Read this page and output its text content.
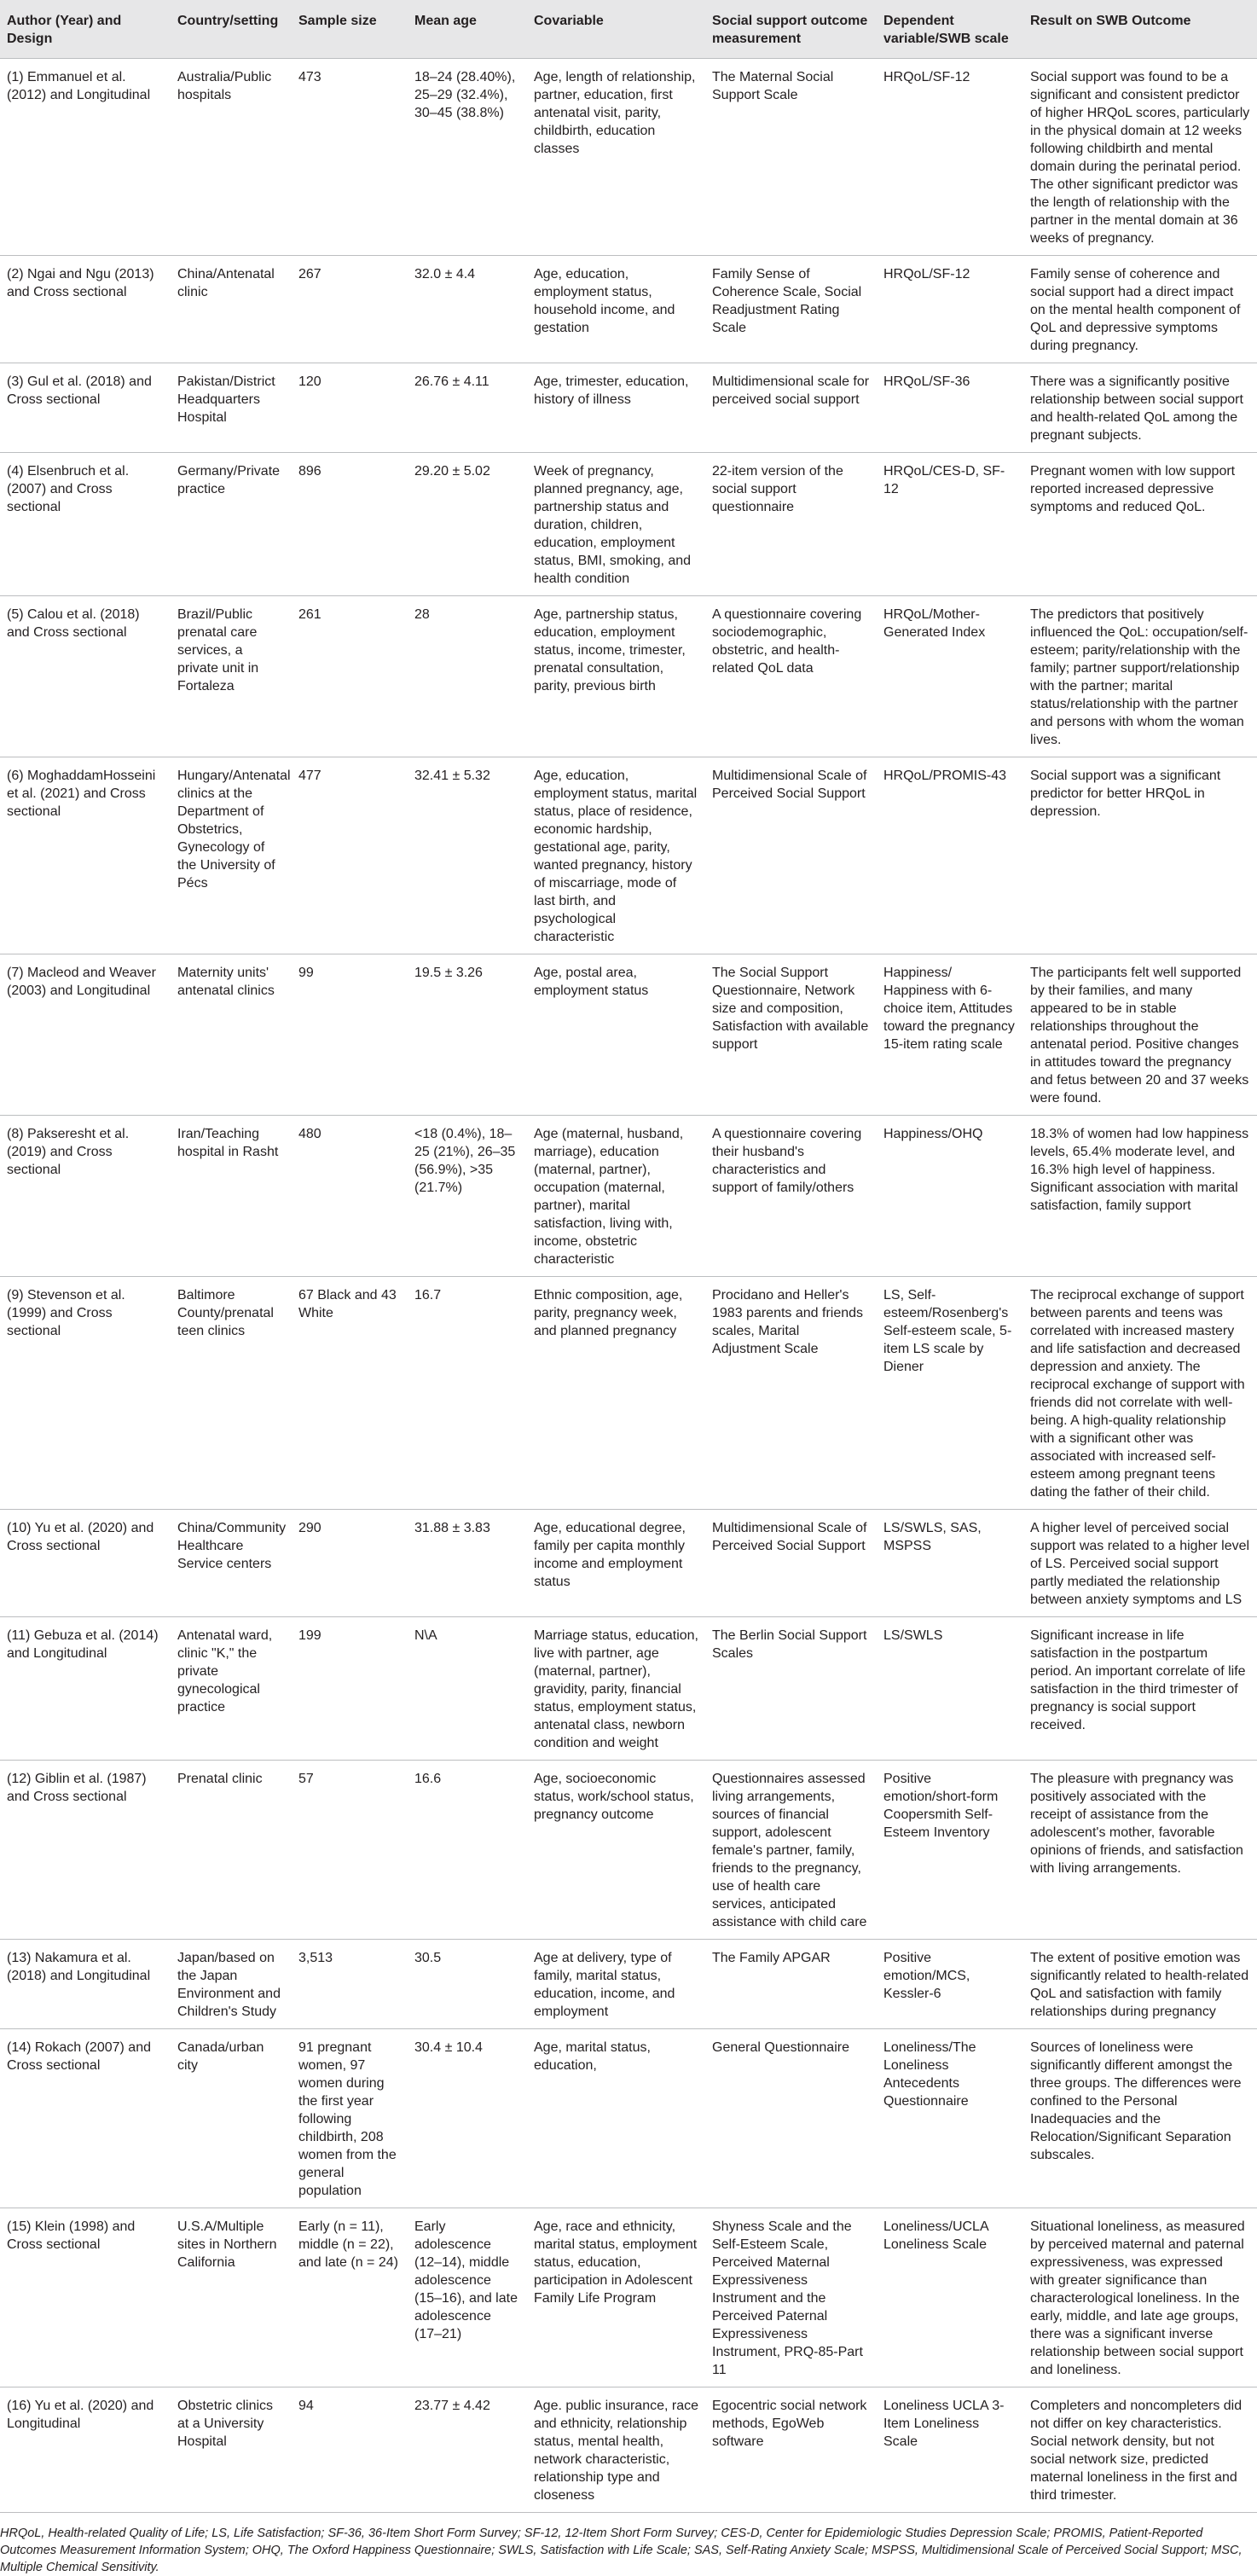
Author (Year) and Design	Country/setting	Sample size	Mean age	Covariable	Social support outcome measurement	Dependent variable/SWB scale	Result on SWB Outcome
(1) Emmanuel et al. (2012) and Longitudinal	Australia/Public hospitals	473	18–24 (28.40%), 25–29 (32.4%), 30–45 (38.8%)	Age, length of relationship, partner, education, first antenatal visit, parity, childbirth, education classes	The Maternal Social Support Scale	HRQoL/SF-12	Social support was found to be a significant and consistent predictor of higher HRQoL scores, particularly in the physical domain at 12 weeks following childbirth and mental domain during the perinatal period. The other significant predictor was the length of relationship with the partner in the mental domain at 36 weeks of pregnancy.
(2) Ngai and Ngu (2013) and Cross sectional	China/Antenatal clinic	267	32.0 ± 4.4	Age, education, employment status, household income, and gestation	Family Sense of Coherence Scale, Social Readjustment Rating Scale	HRQoL/SF-12	Family sense of coherence and social support had a direct impact on the mental health component of QoL and depressive symptoms during pregnancy.
(3) Gul et al. (2018) and Cross sectional	Pakistan/District Headquarters Hospital	120	26.76 ± 4.11	Age, trimester, education, history of illness	Multidimensional scale for perceived social support	HRQoL/SF-36	There was a significantly positive relationship between social support and health-related QoL among the pregnant subjects.
(4) Elsenbruch et al. (2007) and Cross sectional	Germany/Private practice	896	29.20 ± 5.02	Week of pregnancy, planned pregnancy, age, partnership status and duration, children, education, employment status, BMI, smoking, and health condition	22-item version of the social support questionnaire	HRQoL/CES-D, SF-12	Pregnant women with low support reported increased depressive symptoms and reduced QoL.
(5) Calou et al. (2018) and Cross sectional	Brazil/Public prenatal care services, a private unit in Fortaleza	261	28	Age, partnership status, education, employment status, income, trimester, prenatal consultation, parity, previous birth	A questionnaire covering sociodemographic, obstetric, and health-related QoL data	HRQoL/Mother-Generated Index	The predictors that positively influenced the QoL: occupation/self-esteem; parity/relationship with the family; partner support/relationship with the partner; marital status/relationship with the partner and persons with whom the woman lives.
(6) MoghaddamHosseini et al. (2021) and Cross sectional	Hungary/Antenatal clinics at the Department of Obstetrics, Gynecology of the University of Pécs	477	32.41 ± 5.32	Age, education, employment status, marital status, place of residence, economic hardship, gestational age, parity, wanted pregnancy, history of miscarriage, mode of last birth, and psychological characteristic	Multidimensional Scale of Perceived Social Support	HRQoL/PROMIS-43	Social support was a significant predictor for better HRQoL in depression.
(7) Macleod and Weaver (2003) and Longitudinal	Maternity units' antenatal clinics	99	19.5 ± 3.26	Age, postal area, employment status	The Social Support Questionnaire, Network size and composition, Satisfaction with available support	Happiness/ Happiness with 6-choice item, Attitudes toward the pregnancy 15-item rating scale	The participants felt well supported by their families, and many appeared to be in stable relationships throughout the antenatal period. Positive changes in attitudes toward the pregnancy and fetus between 20 and 37 weeks were found.
(8) Pakseresht et al. (2019) and Cross sectional	Iran/Teaching hospital in Rasht	480	<18 (0.4%), 18–25 (21%), 26–35 (56.9%), >35 (21.7%)	Age (maternal, husband, marriage), education (maternal, partner), occupation (maternal, partner), marital satisfaction, living with, income, obstetric characteristic	A questionnaire covering their husband's characteristics and support of family/others	Happiness/OHQ	18.3% of women had low happiness levels, 65.4% moderate level, and 16.3% high level of happiness. Significant association with marital satisfaction, family support
(9) Stevenson et al. (1999) and Cross sectional	Baltimore County/prenatal teen clinics	67 Black and 43 White	16.7	Ethnic composition, age, parity, pregnancy week, and planned pregnancy	Procidano and Heller's 1983 parents and friends scales, Marital Adjustment Scale	LS, Self-esteem/Rosenberg's Self-esteem scale, 5-item LS scale by Diener	The reciprocal exchange of support between parents and teens was correlated with increased mastery and life satisfaction and decreased depression and anxiety. The reciprocal exchange of support with friends did not correlate with well-being. A high-quality relationship with a significant other was associated with increased self-esteem among pregnant teens dating the father of their child.
(10) Yu et al. (2020) and Cross sectional	China/Community Healthcare Service centers	290	31.88 ± 3.83	Age, educational degree, family per capita monthly income and employment status	Multidimensional Scale of Perceived Social Support	LS/SWLS, SAS, MSPSS	A higher level of perceived social support was related to a higher level of LS. Perceived social support partly mediated the relationship between anxiety symptoms and LS
(11) Gebuza et al. (2014) and Longitudinal	Antenatal ward, clinic "K," the private gynecological practice	199	N\A	Marriage status, education, live with partner, age (maternal, partner), gravidity, parity, financial status, employment status, antenatal class, newborn condition and weight	The Berlin Social Support Scales	LS/SWLS	Significant increase in life satisfaction in the postpartum period. An important correlate of life satisfaction in the third trimester of pregnancy is social support received.
(12) Giblin et al. (1987) and Cross sectional	Prenatal clinic	57	16.6	Age, socioeconomic status, work/school status, pregnancy outcome	Questionnaires assessed living arrangements, sources of financial support, adolescent female's partner, family, friends to the pregnancy, use of health care services, anticipated assistance with child care	Positive emotion/short-form Coopersmith Self-Esteem Inventory	The pleasure with pregnancy was positively associated with the receipt of assistance from the adolescent's mother, favorable opinions of friends, and satisfaction with living arrangements.
(13) Nakamura et al. (2018) and Longitudinal	Japan/based on the Japan Environment and Children's Study	3,513	30.5	Age at delivery, type of family, marital status, education, income, and employment	The Family APGAR	Positive emotion/MCS, Kessler-6	The extent of positive emotion was significantly related to health-related QoL and satisfaction with family relationships during pregnancy
(14) Rokach (2007) and Cross sectional	Canada/urban city	91 pregnant women, 97 women during the first year following childbirth, 208 women from the general population	30.4 ± 10.4	Age, marital status, education,	General Questionnaire	Loneliness/The Loneliness Antecedents Questionnaire	Sources of loneliness were significantly different amongst the three groups. The differences were confined to the Personal Inadequacies and the Relocation/Significant Separation subscales.
(15) Klein (1998) and Cross sectional	U.S.A/Multiple sites in Northern California	Early (n = 11), middle (n = 22), and late (n = 24)	Early adolescence (12–14), middle adolescence (15–16), and late adolescence (17–21)	Age, race and ethnicity, marital status, employment status, education, participation in Adolescent Family Life Program	Shyness Scale and the Self-Esteem Scale, Perceived Maternal Expressiveness Instrument and the Perceived Paternal Expressiveness Instrument, PRQ-85-Part 11	Loneliness/UCLA Loneliness Scale	Situational loneliness, as measured by perceived maternal and paternal expressiveness, was expressed with greater significance than characterological loneliness. In the early, middle, and late age groups, there was a significant inverse relationship between social support and loneliness.
(16) Yu et al. (2020) and Longitudinal	Obstetric clinics at a University Hospital	94	23.77 ± 4.42	Age. public insurance, race and ethnicity, relationship status, mental health, network characteristic, relationship type and closeness	Egocentric social network methods, EgoWeb software	Loneliness UCLA 3-Item Loneliness Scale	Completers and noncompleters did not differ on key characteristics. Social network density, but not social network size, predicted maternal loneliness in the first and third trimester.
HRQoL, Health-related Quality of Life; LS, Life Satisfaction; SF-36, 36-Item Short Form Survey; SF-12, 12-Item Short Form Survey; CES-D, Center for Epidemiologic Studies Depression Scale; PROMIS, Patient-Reported Outcomes Measurement Information System; OHQ, The Oxford Happiness Questionnaire; SWLS, Satisfaction with Life Scale; SAS, Self-Rating Anxiety Scale; MSPSS, Multidimensional Scale of Perceived Social Support; MSC, Multiple Chemical Sensitivity.
